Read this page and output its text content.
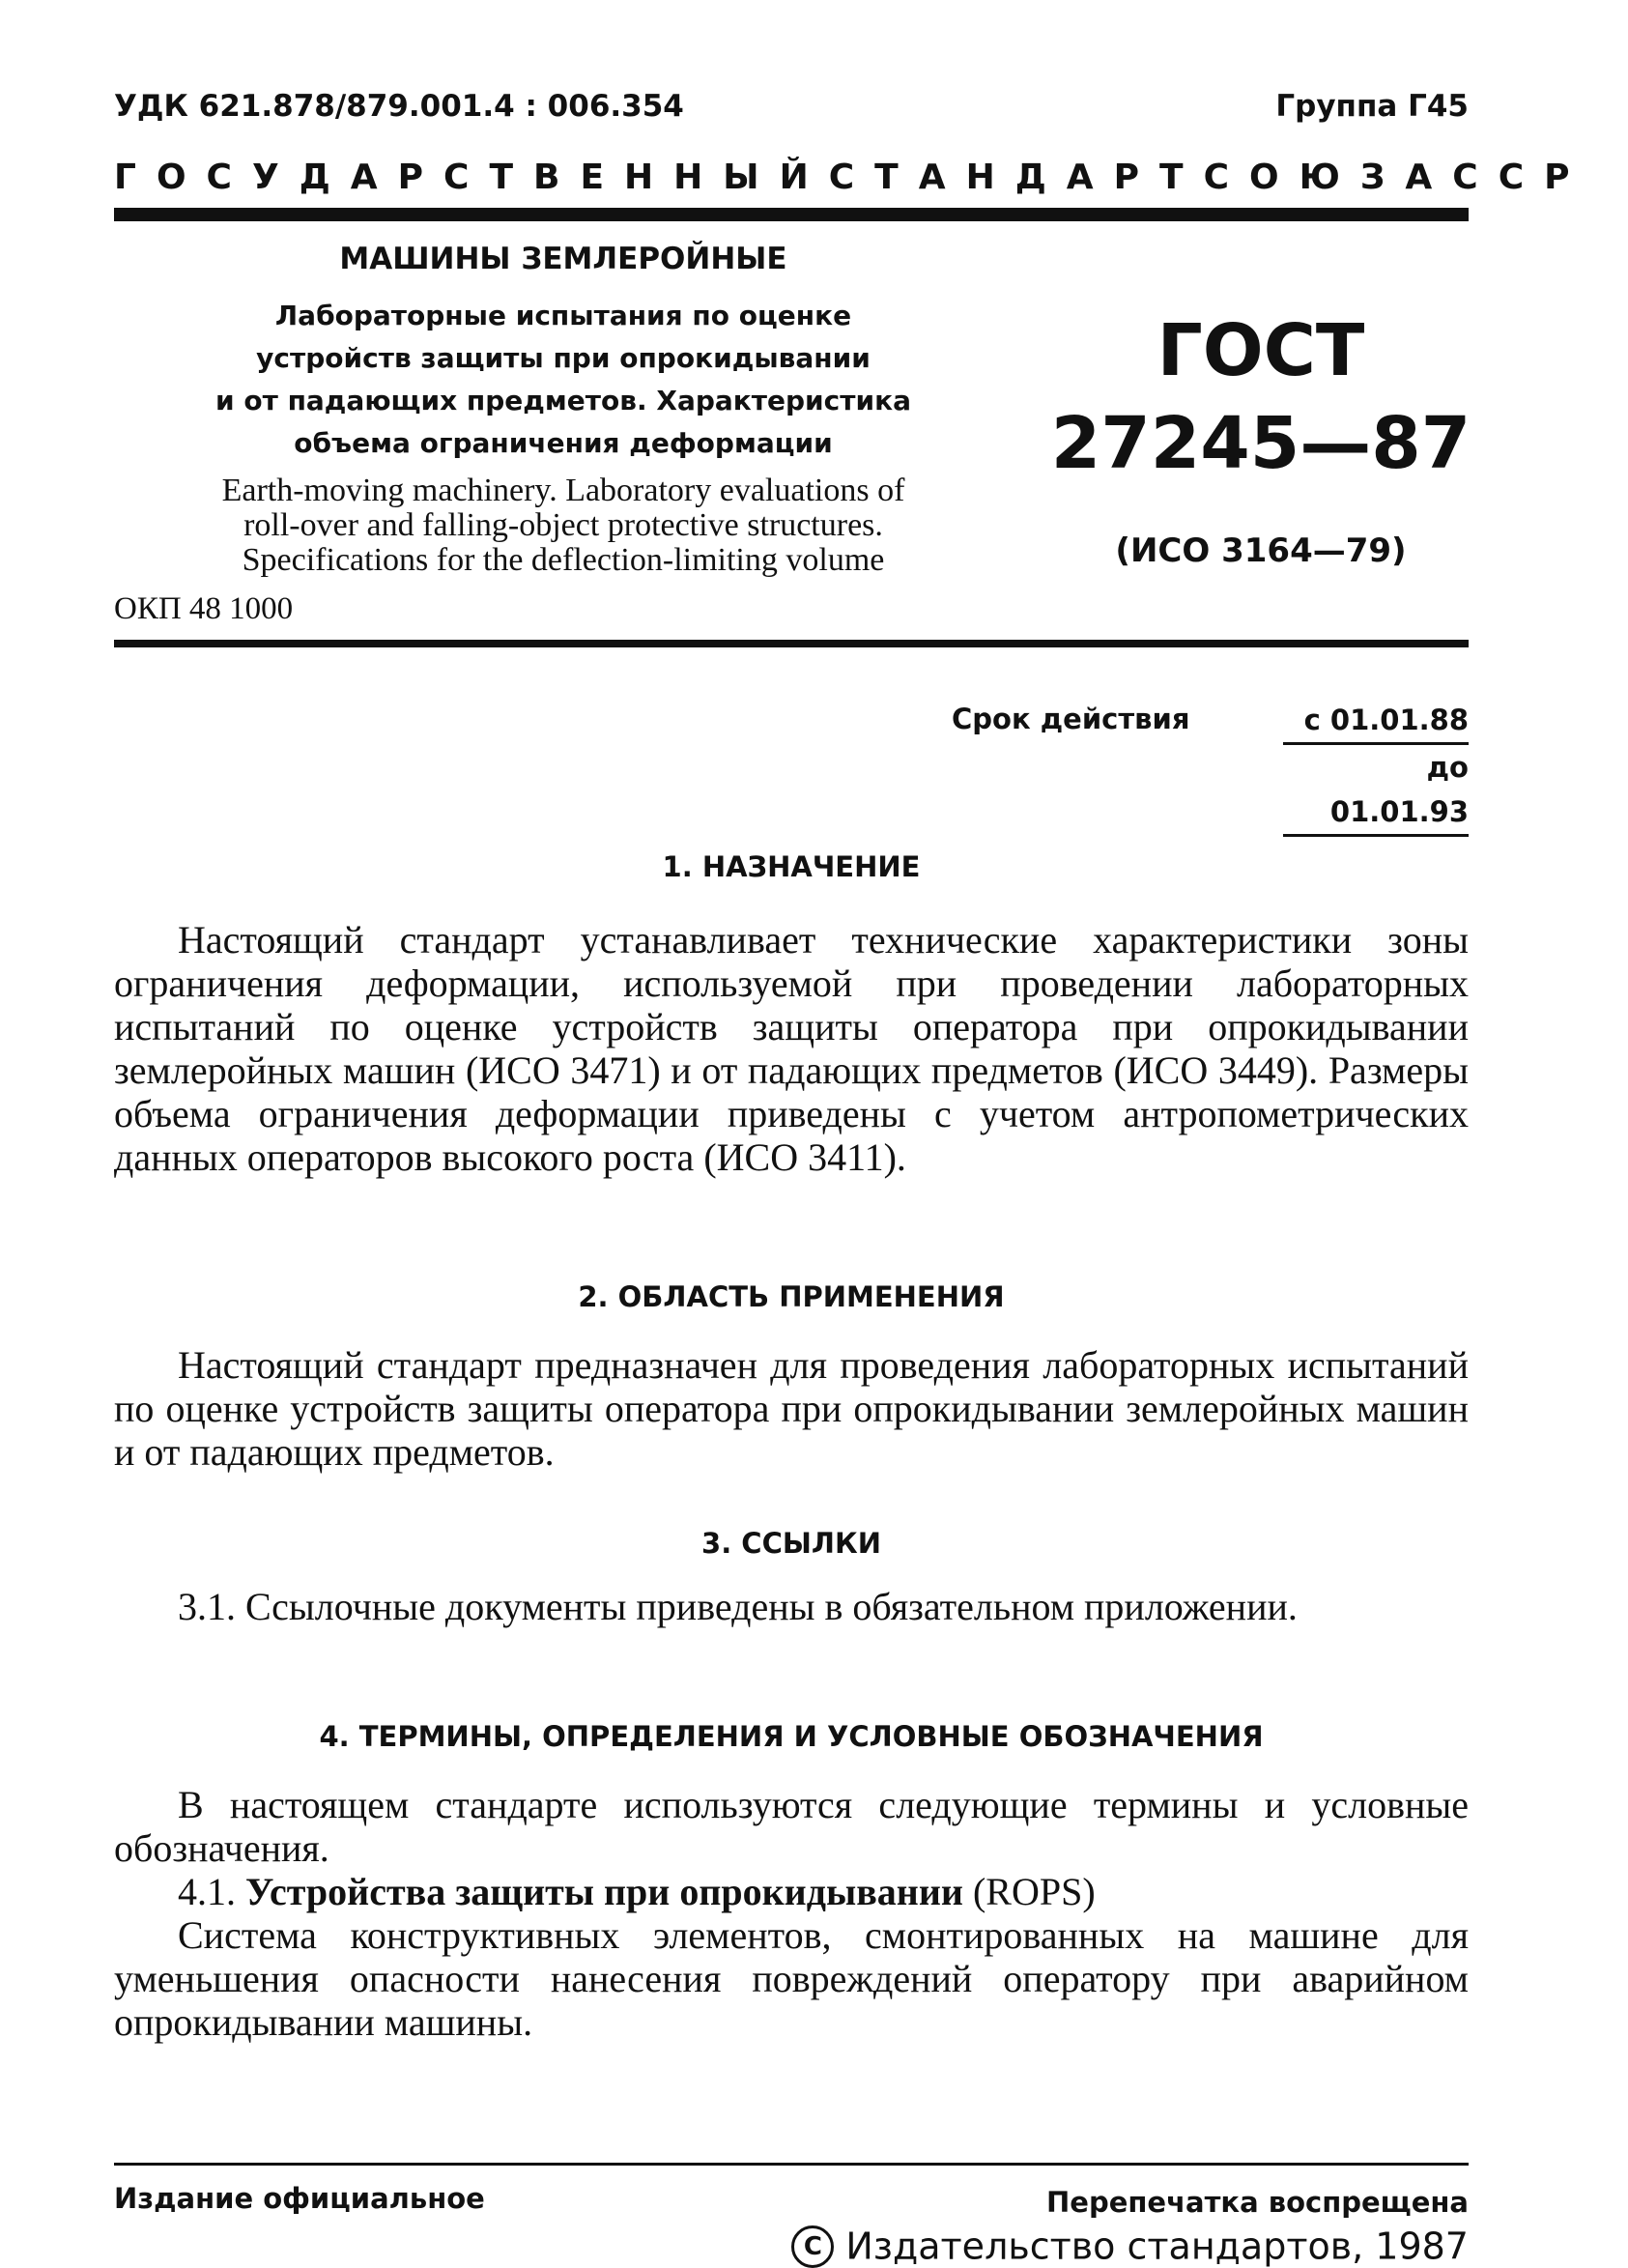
УДК 621.878/879.001.4 : 006.354	Группа Г45
ГОСУДАРСТВЕННЫЙ СТАНДАРТ СОЮЗА ССР
МАШИНЫ ЗЕМЛЕРОЙНЫЕ
Лабораторные испытания по оценке
устройств защиты при опрокидывании
и от падающих предметов. Характеристика
объема ограничения деформации
Earth-moving machinery. Laboratory evaluations of
roll-over and falling-object protective structures.
Specifications for the deflection-limiting volume
ОКП 48 1000
ГОСТ
27245—87
(ИСО 3164—79)
Срок действия	с 01.01.88
до 01.01.93
1. НАЗНАЧЕНИЕ
Настоящий стандарт устанавливает технические характеристики зоны ограничения деформации, используемой при проведении лабораторных испытаний по оценке устройств защиты оператора при опрокидывании землеройных машин (ИСО 3471) и от падающих предметов (ИСО 3449). Размеры объема ограничения деформации приведены с учетом антропометрических данных операторов высокого роста (ИСО 3411).
2. ОБЛАСТЬ ПРИМЕНЕНИЯ
Настоящий стандарт предназначен для проведения лабораторных испытаний по оценке устройств защиты оператора при опрокидывании землеройных машин и от падающих предметов.
3. ССЫЛКИ
3.1. Ссылочные документы приведены в обязательном приложении.
4. ТЕРМИНЫ, ОПРЕДЕЛЕНИЯ И УСЛОВНЫЕ ОБОЗНАЧЕНИЯ
В настоящем стандарте используются следующие термины и условные обозначения.
4.1. Устройства защиты при опрокидывании (ROPS)
Система конструктивных элементов, смонтированных на машине для уменьшения опасности нанесения повреждений оператору при аварийном опрокидывании машины.
Издание официальное	Перепечатка воспрещена
C Издательство стандартов, 1987
